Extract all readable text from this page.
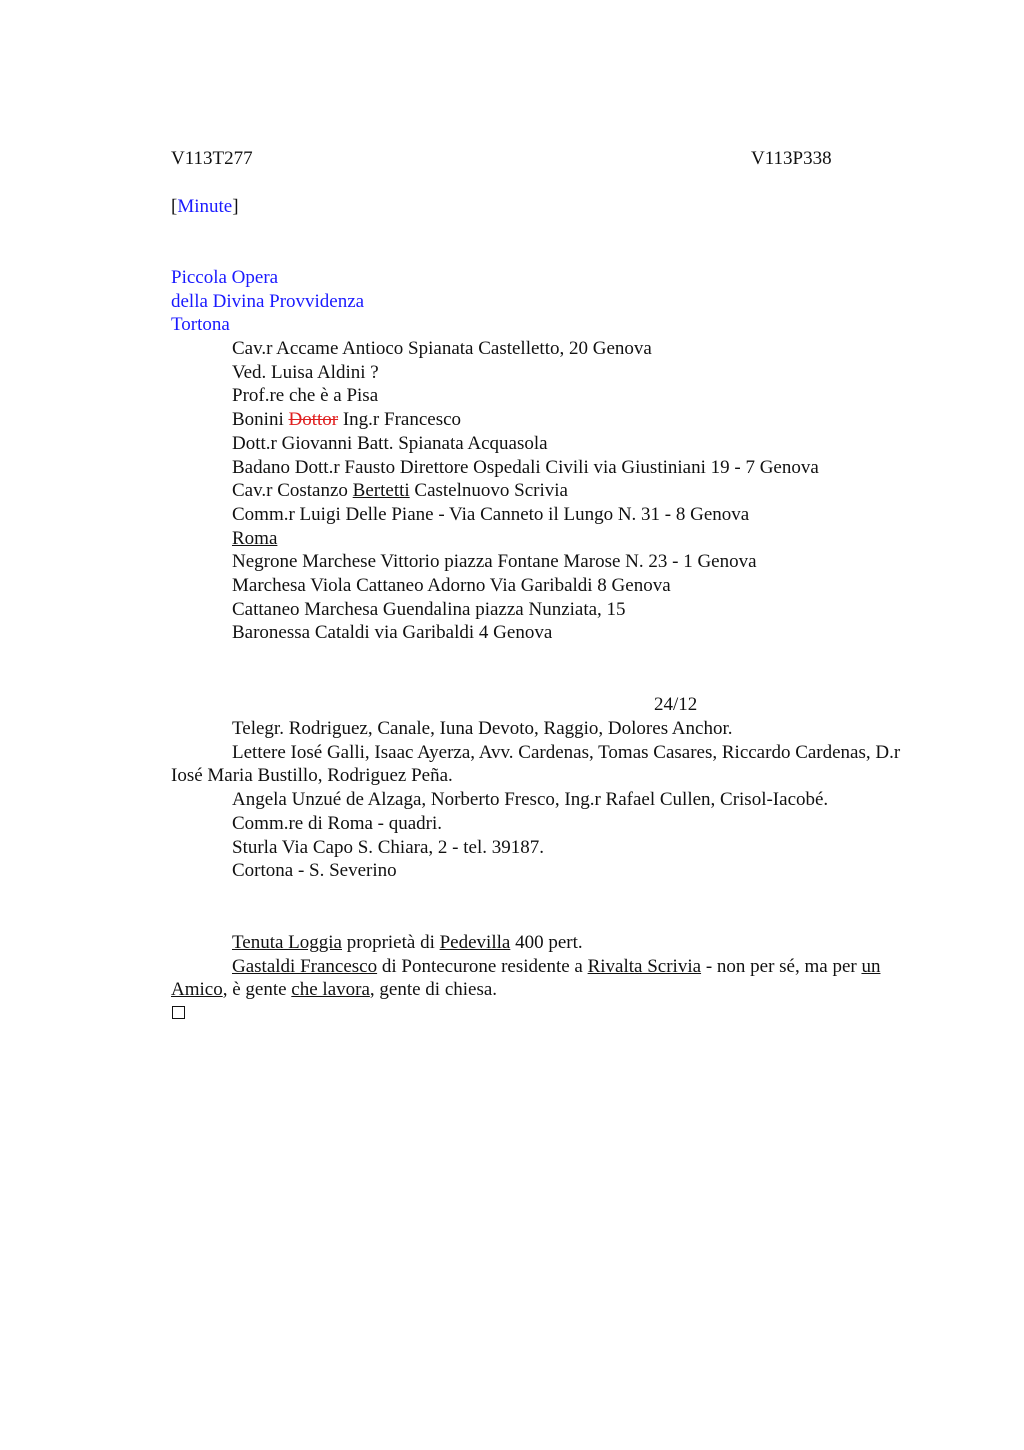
V113T277	V113P338
[Minute]
Piccola Opera
della Divina Provvidenza
Tortona
Cav.r Accame Antioco Spianata Castelletto, 20 Genova
Ved. Luisa Aldini ?
Prof.re che è a Pisa
Bonini Dottor Ing.r Francesco
Dott.r Giovanni Batt. Spianata Acquasola
Badano Dott.r Fausto Direttore Ospedali Civili via Giustiniani 19 - 7 Genova
Cav.r Costanzo Bertetti Castelnuovo Scrivia
Comm.r Luigi Delle Piane - Via Canneto il Lungo N. 31 - 8 Genova
Roma
Negrone Marchese Vittorio piazza Fontane Marose N. 23 - 1 Genova
Marchesa Viola Cattaneo Adorno Via Garibaldi 8 Genova
Cattaneo Marchesa Guendalina piazza Nunziata, 15
Baronessa Cataldi via Garibaldi 4 Genova
24/12

Telegr. Rodriguez, Canale, Iuna Devoto, Raggio, Dolores Anchor.

Lettere Iosé Galli, Isaac Ayerza, Avv. Cardenas, Tomas Casares, Riccardo Cardenas, D.r Iosé Maria Bustillo, Rodriguez Peña.

Angela Unzué de Alzaga, Norberto Fresco, Ing.r Rafael Cullen, Crisol-Iacobé.

Comm.re di Roma - quadri.

Sturla Via Capo S. Chiara, 2 - tel. 39187.

Cortona - S. Severino

Tenuta Loggia proprietà di Pedevilla 400 pert.

Gastaldi Francesco di Pontecurone residente a Rivalta Scrivia - non per sé, ma per un Amico, è gente che lavora, gente di chiesa.
